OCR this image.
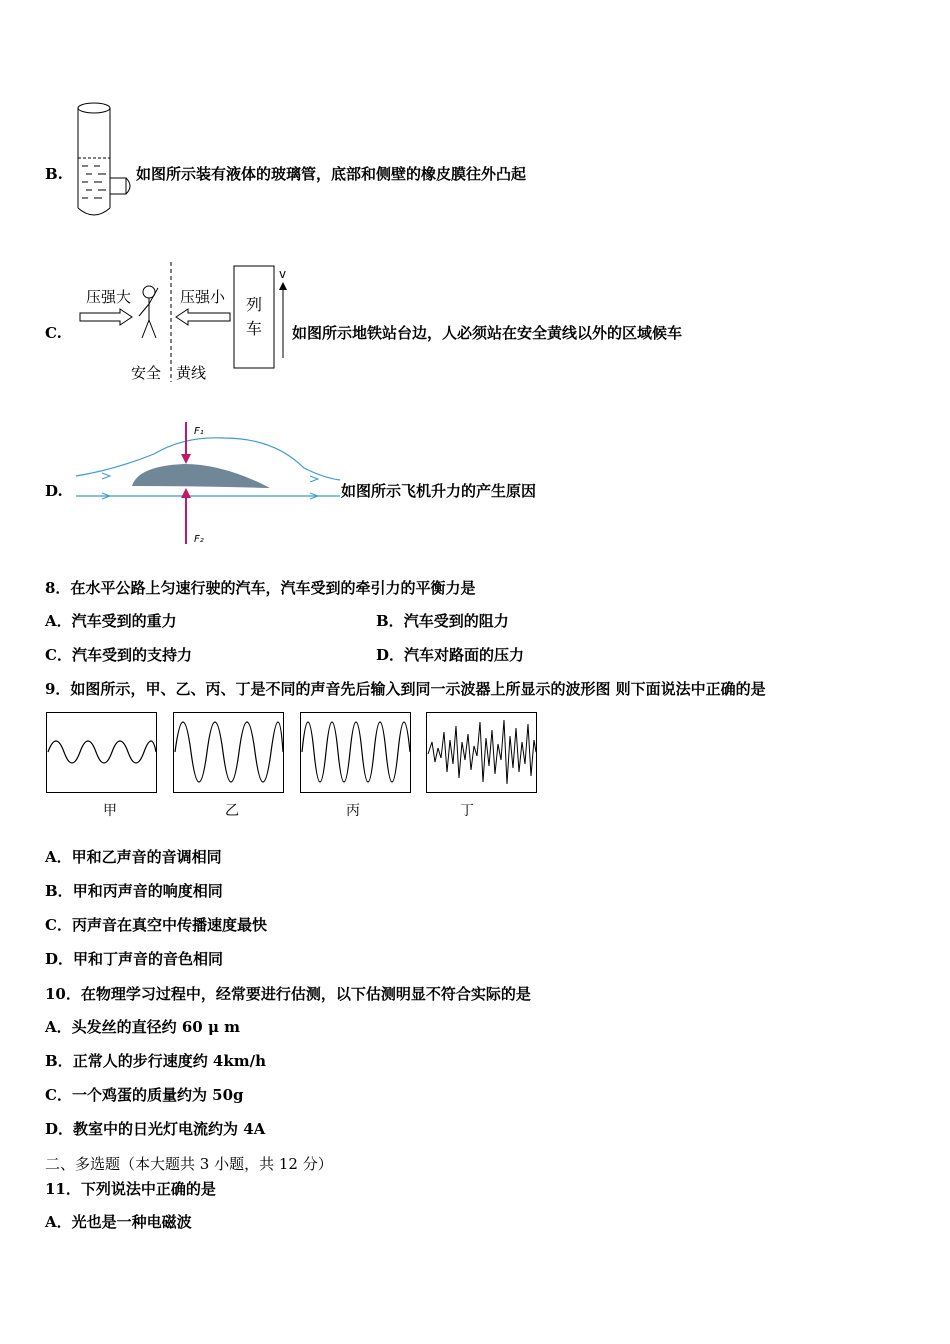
B.	如图所示装有液体的玻璃管，底部和侧壁的橡皮膜往外凸起
C.
压强大	压强小 列
车
v
安全 黄线
如图所示地铁站台边，人必须站在安全黄线以外的区域候车
D.
F₁
F₂
如图所示飞机升力的产生原因
8．在水平公路上匀速行驶的汽车，汽车受到的牵引力的平衡力是
A．汽车受到的重力	B．汽车受到的阻力
C．汽车受到的支持力	D．汽车对路面的压力
9．如图所示，甲、乙、丙、丁是不同的声音先后输入到同一示波器上所显示的波形图 则下面说法中正确的是
甲	乙	丙	丁
A．甲和乙声音的音调相同
B．甲和丙声音的响度相同
C．丙声音在真空中传播速度最快
D．甲和丁声音的音色相同
10．在物理学习过程中，经常要进行估测，以下估测明显不符合实际的是
A．头发丝的直径约 60 μ m
B．正常人的步行速度约 4km/h
C．一个鸡蛋的质量约为 50g
D．教室中的日光灯电流约为 4A
二、多选题（本大题共 3 小题，共 12 分）
11．下列说法中正确的是
A．光也是一种电磁波
